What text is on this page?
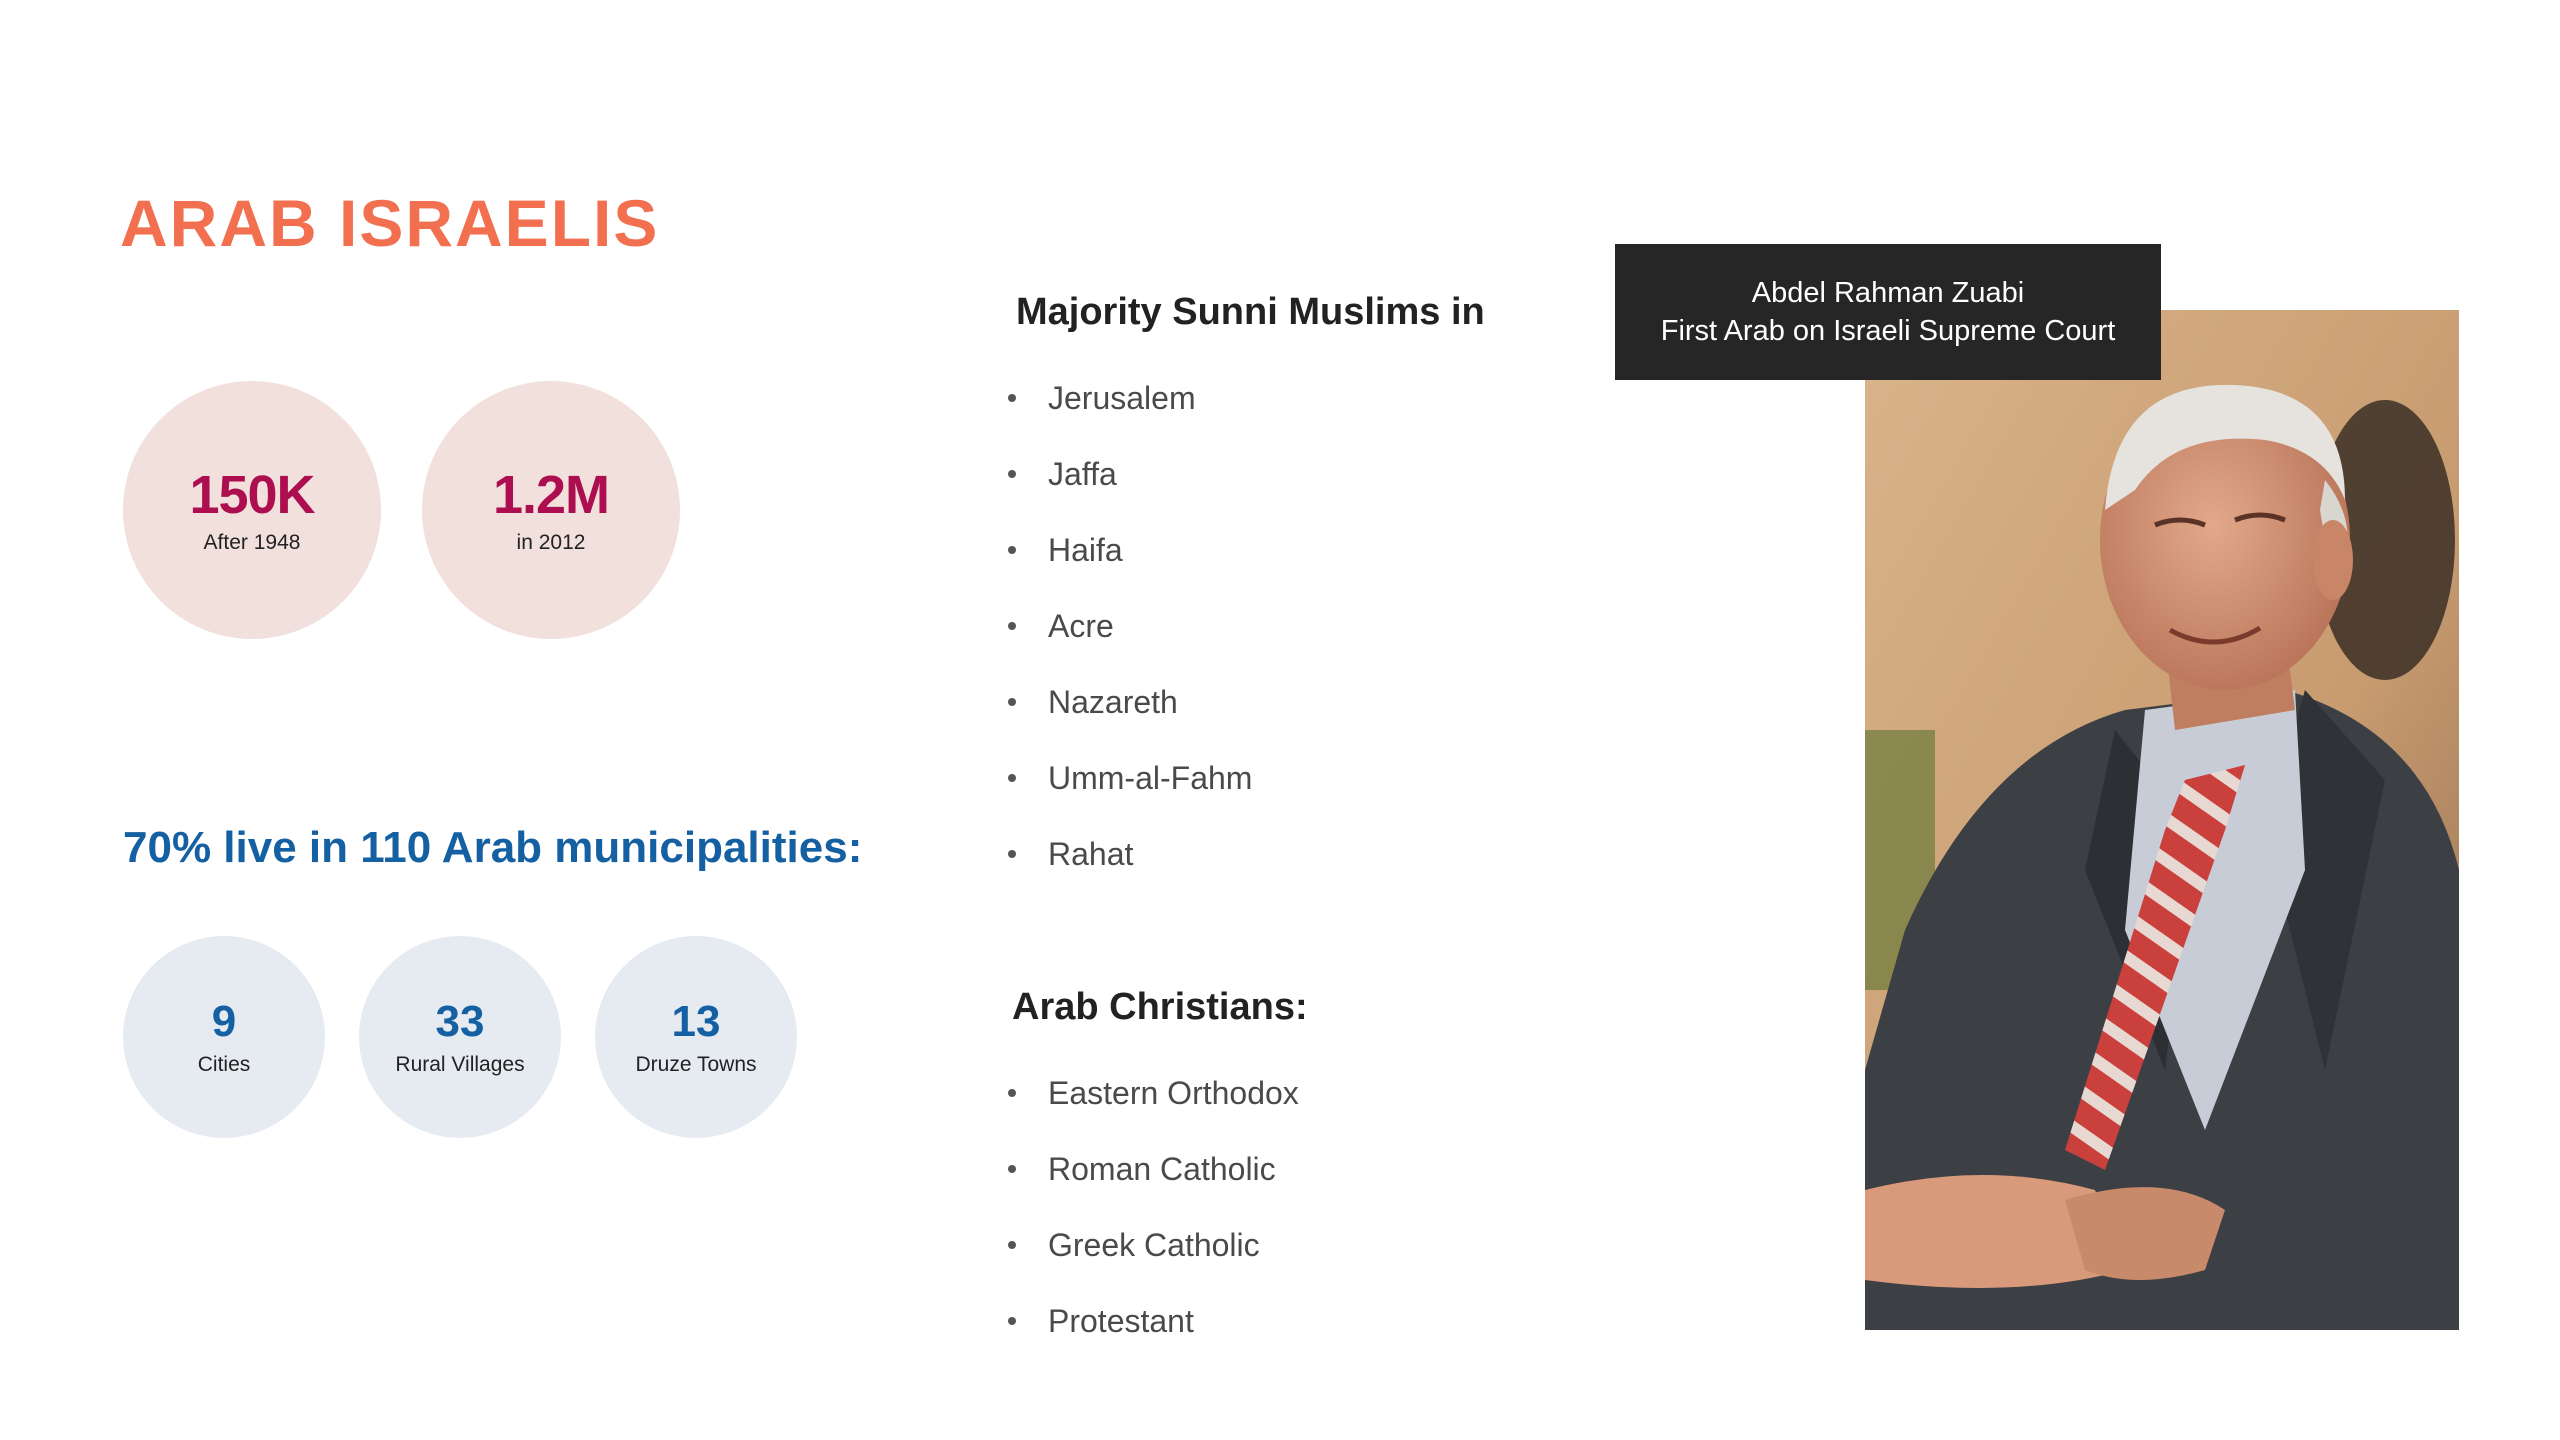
ARAB ISRAELIS
150K
After 1948
1.2M
in 2012
70% live in 110 Arab municipalities:
9
Cities
33
Rural Villages
13
Druze Towns
Majority Sunni Muslims in
Jerusalem
Jaffa
Haifa
Acre
Nazareth
Umm-al-Fahm
Rahat
Arab Christians:
Eastern Orthodox
Roman Catholic
Greek Catholic
Protestant
Abdel Rahman Zuabi
First Arab on Israeli Supreme Court
